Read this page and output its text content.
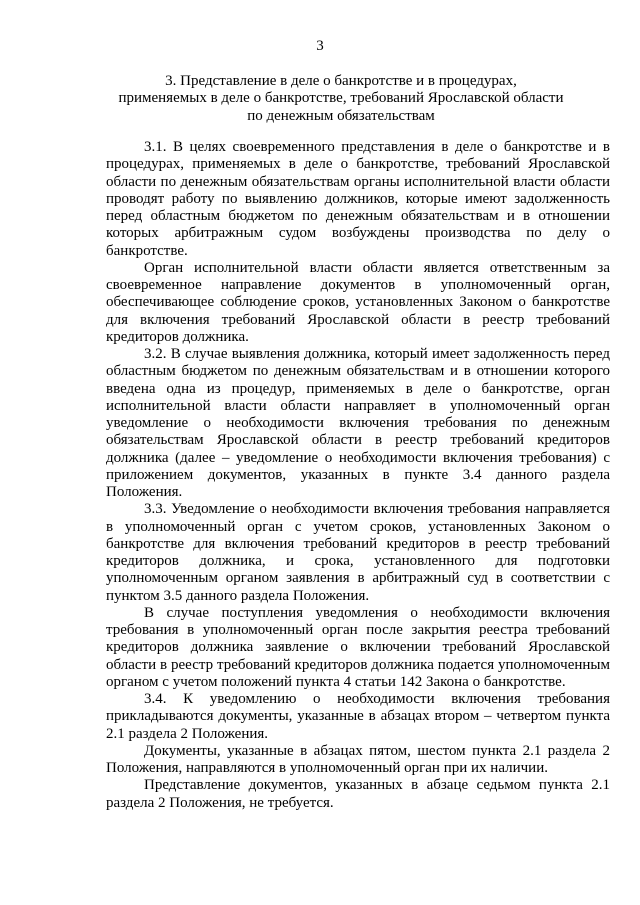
3
3. Представление в деле о банкротстве и в процедурах,
применяемых в деле о банкротстве, требований Ярославской области
по денежным обязательствам

3.1. В целях своевременного представления в деле о банкротстве и в процедурах, применяемых в деле о банкротстве, требований Ярославской области по денежным обязательствам органы исполнительной власти области проводят работу по выявлению должников, которые имеют задолженность перед областным бюджетом по денежным обязательствам и в отношении которых арбитражным судом возбуждены производства по делу о банкротстве.

Орган исполнительной власти области является ответственным за своевременное направление документов в уполномоченный орган, обеспечивающее соблюдение сроков, установленных Законом о банкротстве для включения требований Ярославской области в реестр требований кредиторов должника.

3.2. В случае выявления должника, который имеет задолженность перед областным бюджетом по денежным обязательствам и в отношении которого введена одна из процедур, применяемых в деле о банкротстве, орган исполнительной власти области направляет в уполномоченный орган уведомление о необходимости включения требования по денежным обязательствам Ярославской области в реестр требований кредиторов должника (далее – уведомление о необходимости включения требования) с приложением документов, указанных в пункте 3.4 данного раздела Положения.

3.3. Уведомление о необходимости включения требования направляется в уполномоченный орган с учетом сроков, установленных Законом о банкротстве для включения требований кредиторов в реестр требований кредиторов должника, и срока, установленного для подготовки уполномоченным органом заявления в арбитражный суд в соответствии с пунктом 3.5 данного раздела Положения.

В случае поступления уведомления о необходимости включения требования в уполномоченный орган после закрытия реестра требований кредиторов должника заявление о включении требований Ярославской области в реестр требований кредиторов должника подается уполномоченным органом с учетом положений пункта 4 статьи 142 Закона о банкротстве.

3.4. К уведомлению о необходимости включения требования прикладываются документы, указанные в абзацах втором – четвертом пункта 2.1 раздела 2 Положения.

Документы, указанные в абзацах пятом, шестом пункта 2.1 раздела 2 Положения, направляются в уполномоченный орган при их наличии.

Представление документов, указанных в абзаце седьмом пункта 2.1 раздела 2 Положения, не требуется.
